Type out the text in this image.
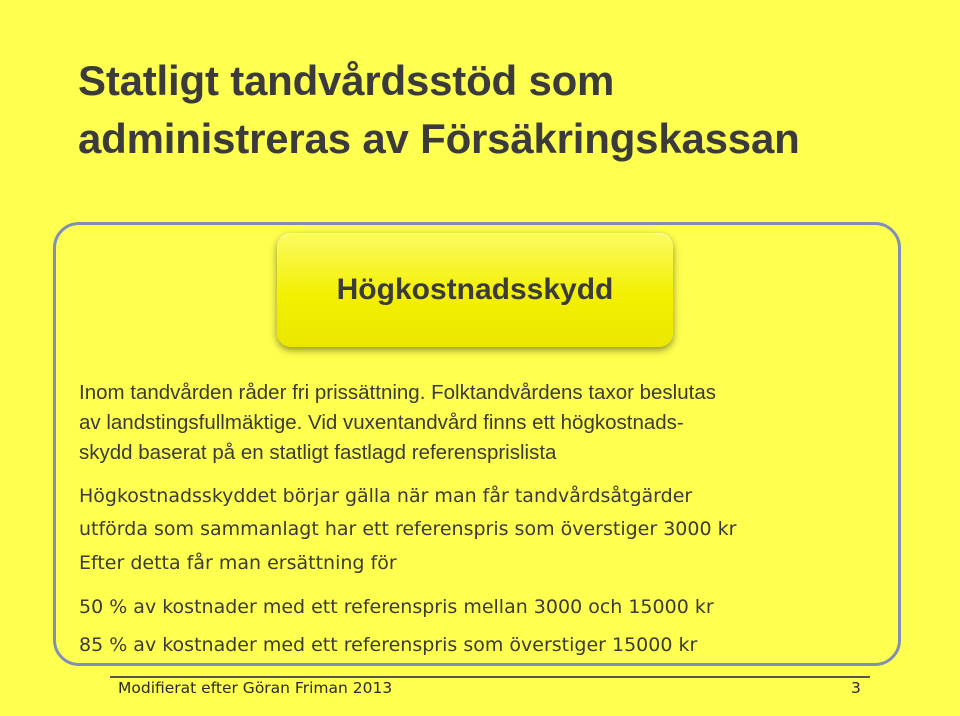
Statligt tandvårdsstöd som
administreras av Försäkringskassan
Högkostnadsskydd
Inom tandvården råder fri prissättning. Folktandvårdens taxor beslutas
av landstingsfullmäktige. Vid vuxentandvård finns ett högkostnads-
skydd baserat på en statligt fastlagd referensprislista
Högkostnadsskyddet börjar gälla när man får tandvårdsåtgärder
utförda som sammanlagt har ett referenspris som överstiger 3000 kr
Efter detta får man ersättning för
50 % av kostnader med ett referenspris mellan 3000 och 15000 kr
85 % av kostnader med ett referenspris som överstiger 15000 kr
Modifierat efter Göran Friman 2013	3
